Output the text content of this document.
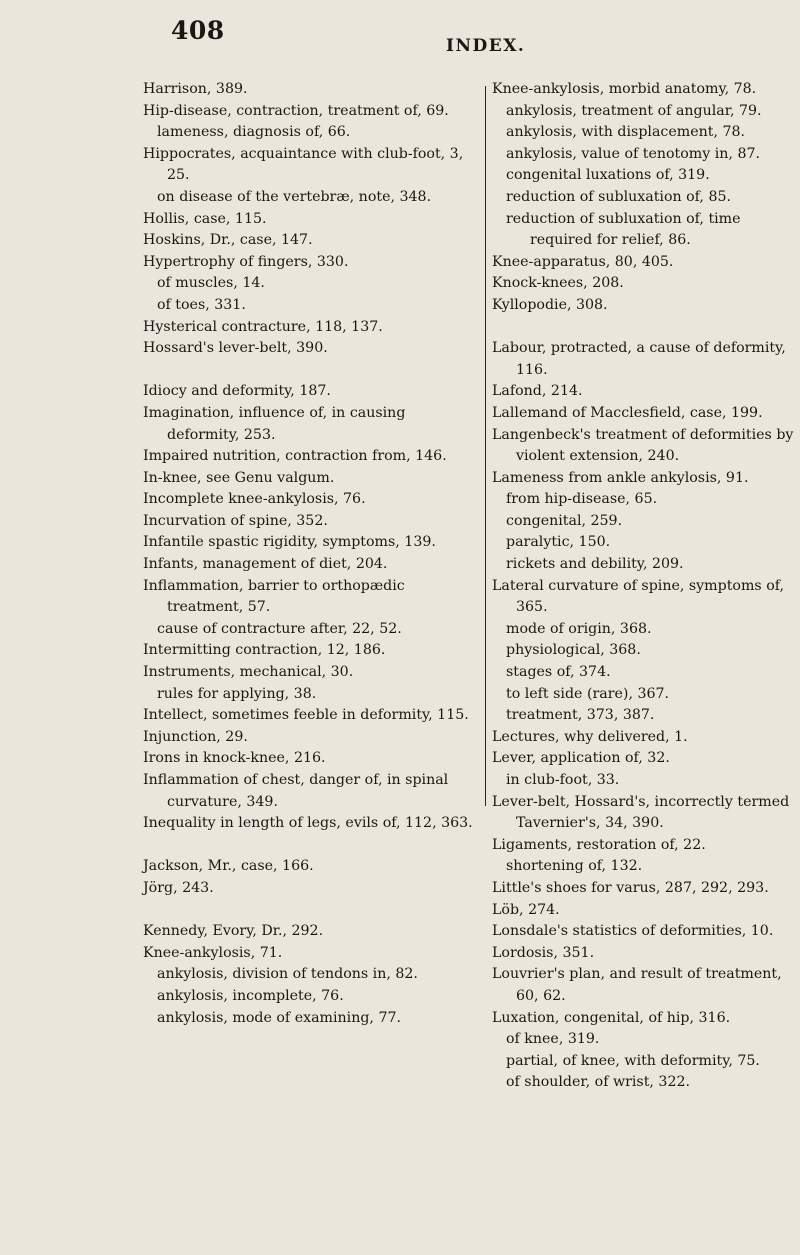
408
INDEX.

Harrison, 389.

Hip-disease, contraction, treatment of, 69.

lameness, diagnosis of, 66.

Hippocrates, acquaintance with club-foot, 3, 25.

on disease of the vertebræ, note, 348.

Hollis, case, 115.

Hoskins, Dr., case, 147.

Hypertrophy of fingers, 330.

of muscles, 14.

of toes, 331.

Hysterical contracture, 118, 137.

Hossard's lever-belt, 390.

Idiocy and deformity, 187.

Imagination, influence of, in causing deformity, 253.

Impaired nutrition, contraction from, 146.

In-knee, see Genu valgum.

Incomplete knee-ankylosis, 76.

Incurvation of spine, 352.

Infantile spastic rigidity, symptoms, 139.

Infants, management of diet, 204.

Inflammation, barrier to orthopædic treatment, 57.

cause of contracture after, 22, 52.

Intermitting contraction, 12, 186.

Instruments, mechanical, 30.

rules for applying, 38.

Intellect, sometimes feeble in deformity, 115.

Injunction, 29.

Irons in knock-knee, 216.

Inflammation of chest, danger of, in spinal curvature, 349.

Inequality in length of legs, evils of, 112, 363.

Jackson, Mr., case, 166.

Jörg, 243.

Kennedy, Evory, Dr., 292.

Knee-ankylosis, 71.

ankylosis, division of tendons in, 82.

ankylosis, incomplete, 76.

ankylosis, mode of examining, 77.

Knee-ankylosis, morbid anatomy, 78.

ankylosis, treatment of angular, 79.

ankylosis, with displacement, 78.

ankylosis, value of tenotomy in, 87.

congenital luxations of, 319.

reduction of subluxation of, 85.

reduction of subluxation of, time required for relief, 86.

Knee-apparatus, 80, 405.

Knock-knees, 208.

Kyllopodie, 308.

Labour, protracted, a cause of deformity, 116.

Lafond, 214.

Lallemand of Macclesfield, case, 199.

Langenbeck's treatment of deformities by violent extension, 240.

Lameness from ankle ankylosis, 91.

from hip-disease, 65.

congenital, 259.

paralytic, 150.

rickets and debility, 209.

Lateral curvature of spine, symptoms of, 365.

mode of origin, 368.

physiological, 368.

stages of, 374.

to left side (rare), 367.

treatment, 373, 387.

Lectures, why delivered, 1.

Lever, application of, 32.

in club-foot, 33.

Lever-belt, Hossard's, incorrectly termed Tavernier's, 34, 390.

Ligaments, restoration of, 22.

shortening of, 132.

Little's shoes for varus, 287, 292, 293.

Löb, 274.

Lonsdale's statistics of deformities, 10.

Lordosis, 351.

Louvrier's plan, and result of treatment, 60, 62.

Luxation, congenital, of hip, 316.

of knee, 319.

partial, of knee, with deformity, 75.

of shoulder, of wrist, 322.
